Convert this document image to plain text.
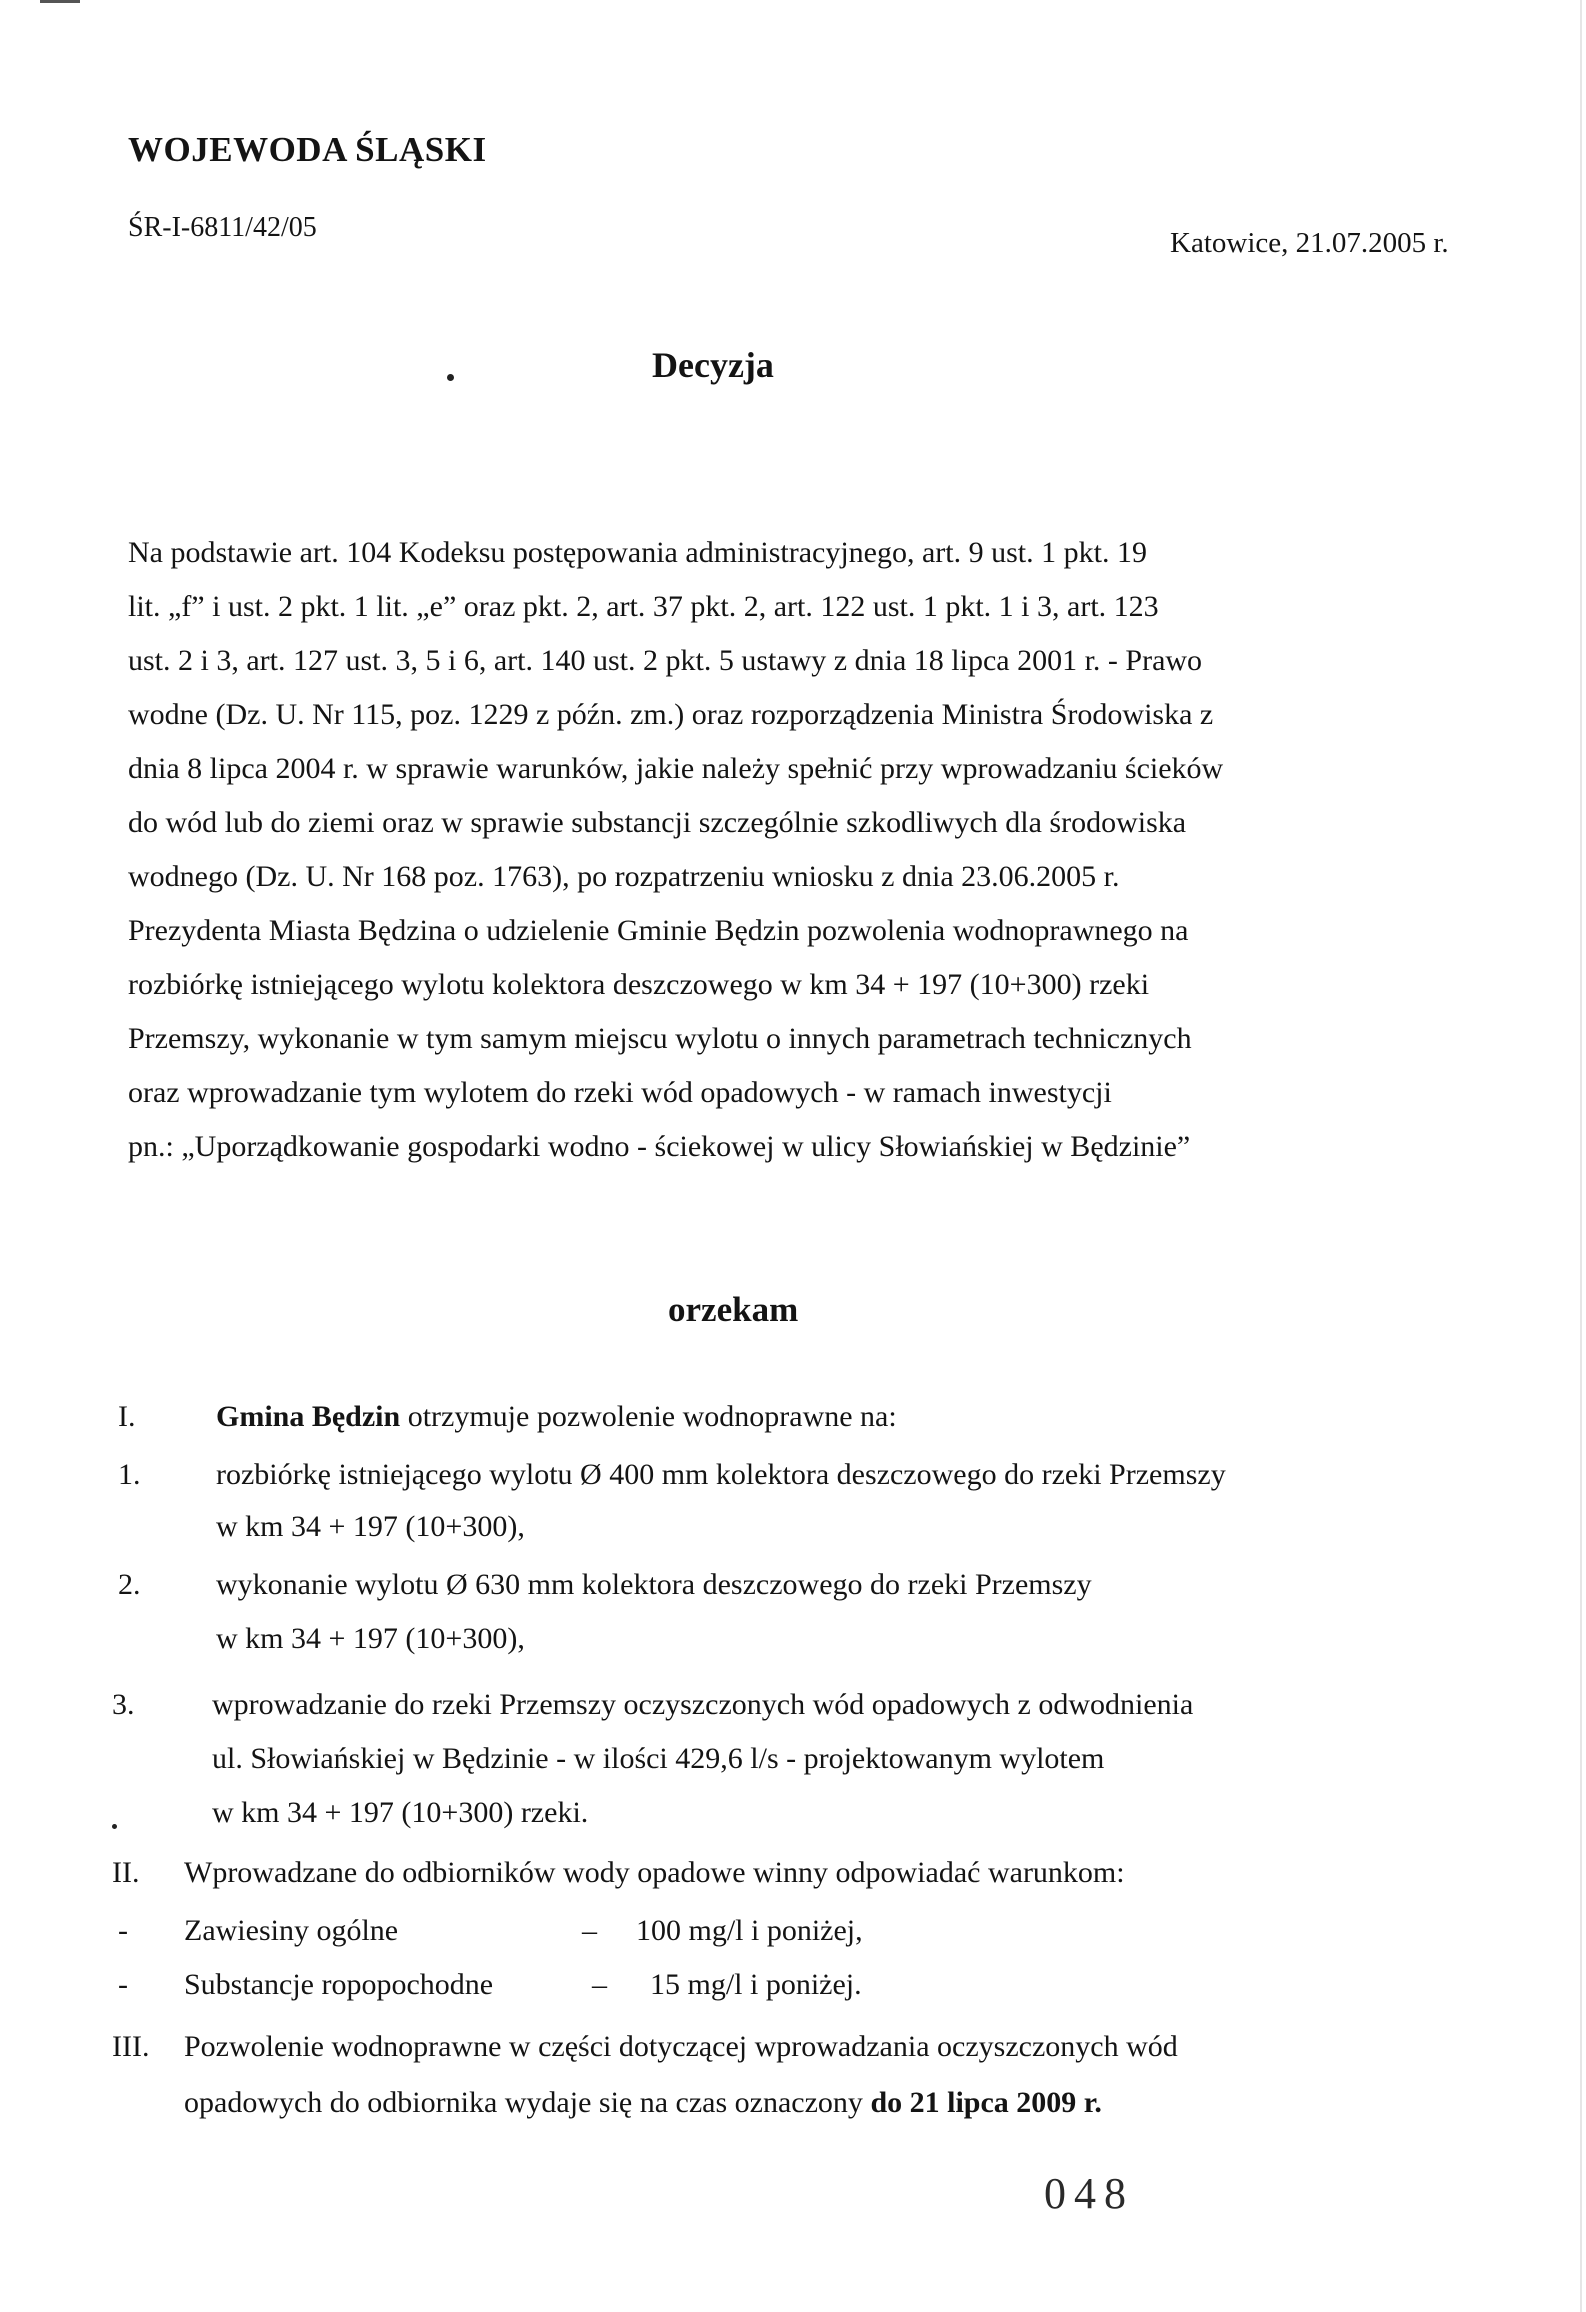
WOJEWODA ŚLĄSKI
ŚR-I-6811/42/05	Katowice, 21.07.2005 r.
Decyzja
Na podstawie art. 104 Kodeksu postępowania administracyjnego, art. 9 ust. 1 pkt. 19
lit. „f” i ust. 2 pkt. 1 lit. „e” oraz pkt. 2, art. 37 pkt. 2, art. 122 ust. 1 pkt. 1 i 3, art. 123
ust. 2 i 3, art. 127 ust. 3, 5 i 6, art. 140 ust. 2 pkt. 5 ustawy z dnia 18 lipca 2001 r. - Prawo
wodne (Dz. U. Nr 115, poz. 1229 z późn. zm.) oraz rozporządzenia Ministra Środowiska z
dnia 8 lipca 2004 r. w sprawie warunków, jakie należy spełnić przy wprowadzaniu ścieków
do wód lub do ziemi oraz w sprawie substancji szczególnie szkodliwych dla środowiska
wodnego (Dz. U. Nr 168 poz. 1763), po rozpatrzeniu wniosku z dnia 23.06.2005 r.
Prezydenta Miasta Będzina o udzielenie Gminie Będzin pozwolenia wodnoprawnego na
rozbiórkę istniejącego wylotu kolektora deszczowego w km 34 + 197 (10+300) rzeki
Przemszy, wykonanie w tym samym miejscu wylotu o innych parametrach technicznych
oraz wprowadzanie tym wylotem do rzeki wód opadowych - w ramach inwestycji
pn.: „Uporządkowanie gospodarki wodno - ściekowej w ulicy Słowiańskiej w Będzinie”
orzekam
I.	Gmina Będzin otrzymuje pozwolenie wodnoprawne na:
1.	rozbiórkę istniejącego wylotu Ø 400 mm kolektora deszczowego do rzeki Przemszy
w km 34 + 197 (10+300),
2.	wykonanie wylotu Ø 630 mm kolektora deszczowego do rzeki Przemszy
w km 34 + 197 (10+300),
3.	wprowadzanie do rzeki Przemszy oczyszczonych wód opadowych z odwodnienia
ul. Słowiańskiej w Będzinie - w ilości 429,6 l/s - projektowanym wylotem
w km 34 + 197 (10+300) rzeki.
II. Wprowadzane do odbiorników wody opadowe winny odpowiadać warunkom:
- Zawiesiny ogólne	– 100 mg/l i poniżej,
- Substancje ropopochodne	– 15 mg/l i poniżej.
III. Pozwolenie wodnoprawne w części dotyczącej wprowadzania oczyszczonych wód
opadowych do odbiornika wydaje się na czas oznaczony do 21 lipca 2009 r.
048
